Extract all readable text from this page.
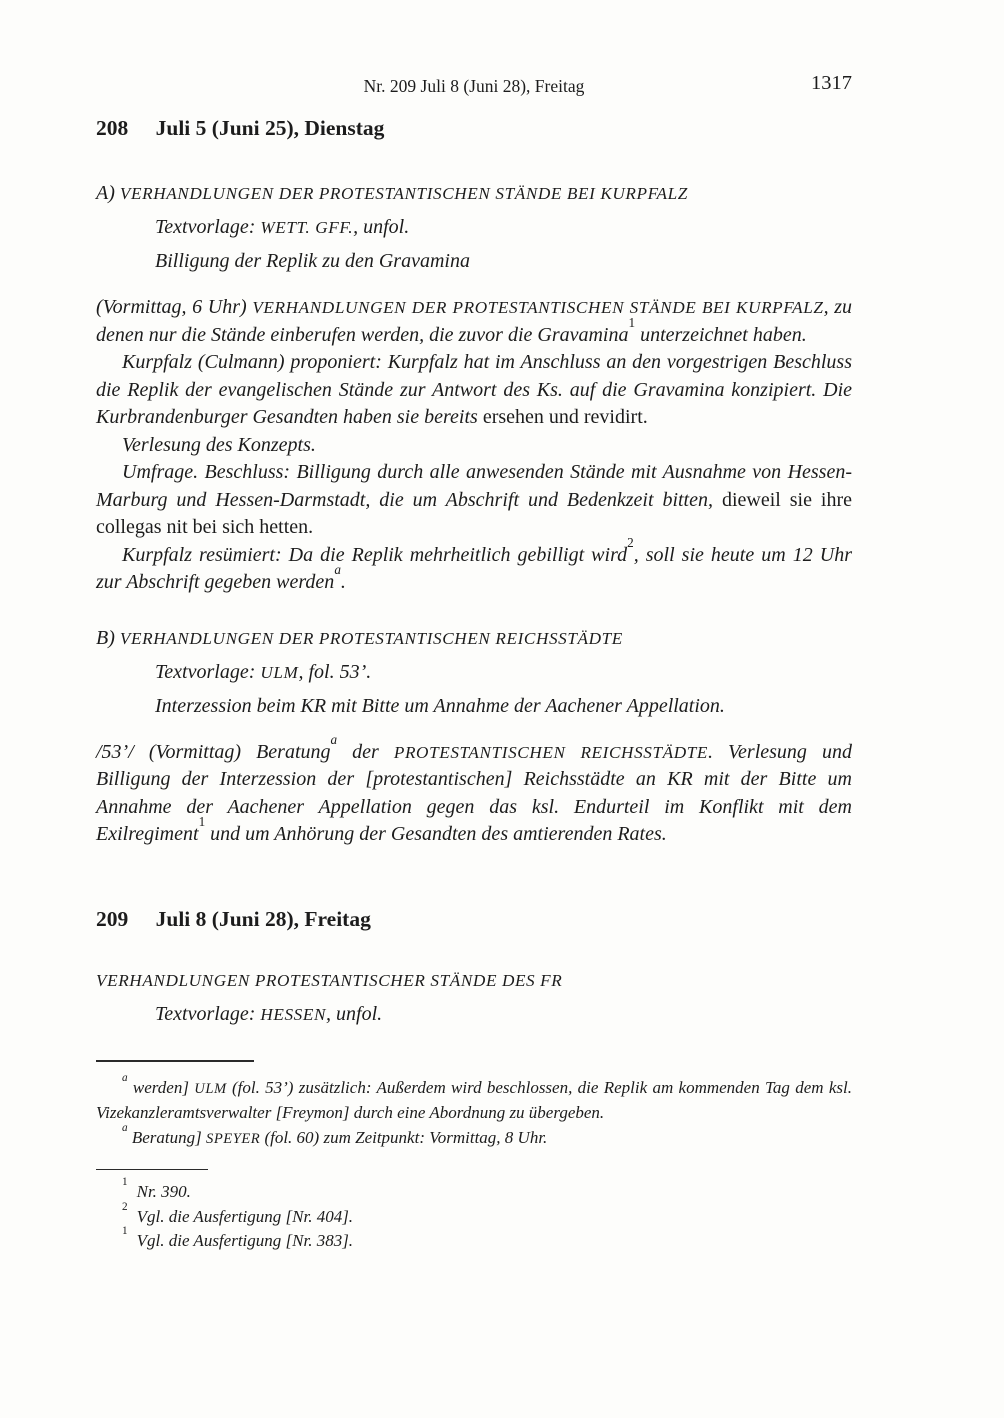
Nr. 209 Juli 8 (Juni 28), Freitag	1317
208 Juli 5 (Juni 25), Dienstag

A) VERHANDLUNGEN DER PROTESTANTISCHEN STÄNDE BEI KURPFALZ

Textvorlage: WETT. GFF., unfol.

Billigung der Replik zu den Gravamina

(Vormittag, 6 Uhr) VERHANDLUNGEN DER PROTESTANTISCHEN STÄNDE BEI KURPFALZ, zu denen nur die Stände einberufen werden, die zuvor die Gravamina$^1$ unterzeichnet haben.

Kurpfalz (Culmann) proponiert: Kurpfalz hat im Anschluss an den vorgestrigen Beschluss die Replik der evangelischen Stände zur Antwort des Ks. auf die Gravamina konzipiert. Die Kurbrandenburger Gesandten haben sie bereits ersehen und revidirt.

Verlesung des Konzepts.

Umfrage. Beschluss: Billigung durch alle anwesenden Stände mit Ausnahme von Hessen-Marburg und Hessen-Darmstadt, die um Abschrift und Bedenkzeit bitten, dieweil sie ihre collegas nit bei sich hetten.

Kurpfalz resümiert: Da die Replik mehrheitlich gebilligt wird$^2$, soll sie heute um 12 Uhr zur Abschrift gegeben werden$^a$.

B) VERHANDLUNGEN DER PROTESTANTISCHEN REICHSSTÄDTE

Textvorlage: ULM, fol. 53’.

Interzession beim KR mit Bitte um Annahme der Aachener Appellation.

/53’/ (Vormittag) Beratung$^a$ der PROTESTANTISCHEN REICHSSTÄDTE. Verlesung und Billigung der Interzession der [protestantischen] Reichsstädte an KR mit der Bitte um Annahme der Aachener Appellation gegen das ksl. Endurteil im Konflikt mit dem Exilregiment$^1$ und um Anhörung der Gesandten des amtierenden Rates.

209 Juli 8 (Juni 28), Freitag

VERHANDLUNGEN PROTESTANTISCHER STÄNDE DES FR

Textvorlage: HESSEN, unfol.

$^a$ werden] ULM (fol. 53’) zusätzlich: Außerdem wird beschlossen, die Replik am kommenden Tag dem ksl. Vizekanzleramtsverwalter [Freymon] durch eine Abordnung zu übergeben.

$^a$ Beratung] SPEYER (fol. 60) zum Zeitpunkt: Vormittag, 8 Uhr.

$^1$ Nr. 390.

$^2$ Vgl. die Ausfertigung [Nr. 404].

$^1$ Vgl. die Ausfertigung [Nr. 383].
